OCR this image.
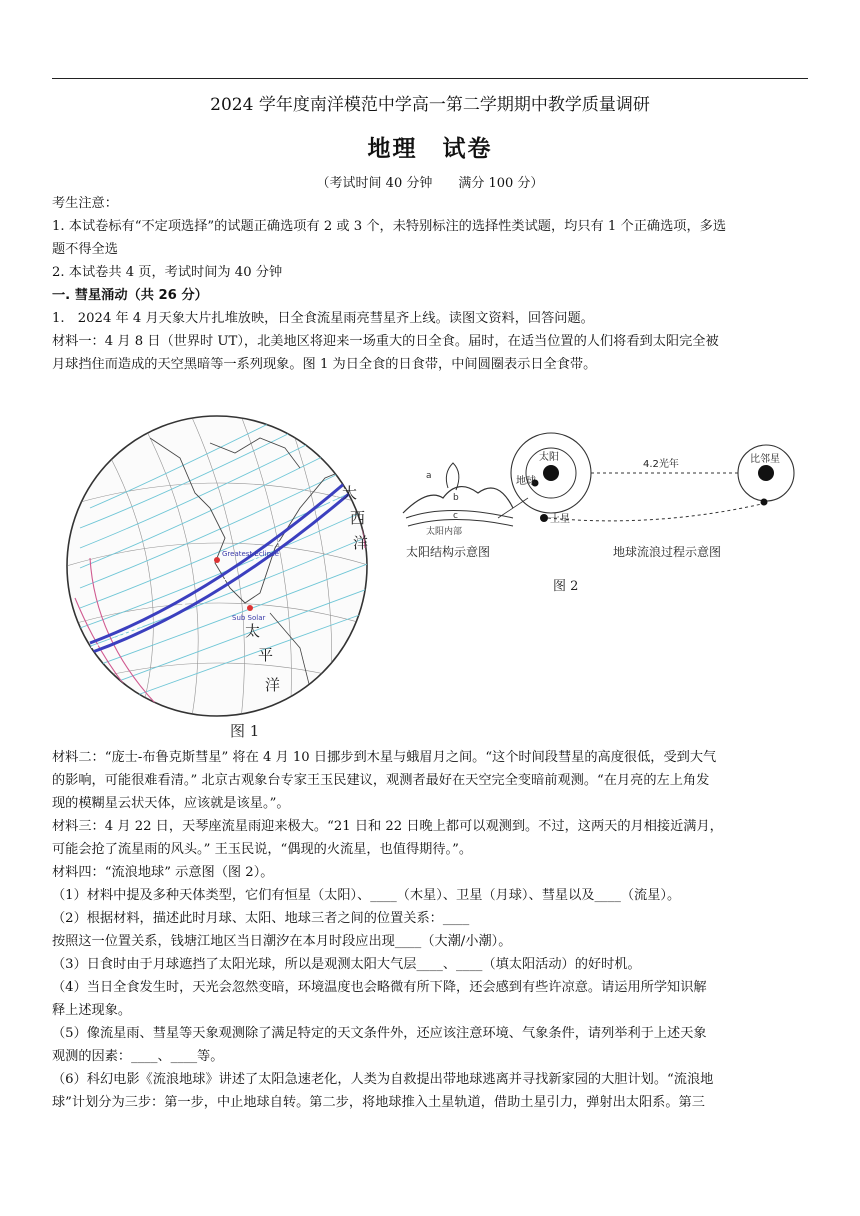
2024 学年度南洋模范中学高一第二学期期中教学质量调研
地理　试卷
（考试时间 40 分钟　　满分 100 分）

考生注意：

1. 本试卷标有“不定项选择”的试题正确选项有 2 或 3 个，未特别标注的选择性类试题，均只有 1 个正确选项，多选

题不得全选

2. 本试卷共 4 页，考试时间为 40 分钟

一. 彗星涌动（共 26 分）

1.　2024 年 4 月天象大片扎堆放映，日全食流星雨亮彗星齐上线。读图文资料，回答问题。

材料一：4 月 8 日（世界时 UT），北美地区将迎来一场重大的日全食。届时，在适当位置的人们将看到太阳完全被

月球挡住而造成的天空黑暗等一系列现象。图 1 为日全食的日食带，中间圆圈表示日全食带。

Greatest Eclipse
Sub Solar
大
西
洋
太
平
洋
图 1
a
b
c
太阳内部
太阳
地球
土星
4.2光年	比邻星
太阳结构示意图	地球流浪过程示意图
图 2

材料二：“庞士-布鲁克斯彗星” 将在 4 月 10 日挪步到木星与蛾眉月之间。“这个时间段彗星的高度很低，受到大气

的影响，可能很难看清。” 北京古观象台专家王玉民建议，观测者最好在天空完全变暗前观测。“在月亮的左上角发

现的模糊星云状天体，应该就是该星。”。

材料三：4 月 22 日，天琴座流星雨迎来极大。“21 日和 22 日晚上都可以观测到。不过，这两天的月相接近满月，

可能会抢了流星雨的风头。” 王玉民说，“偶现的火流星，也值得期待。”。

材料四：“流浪地球” 示意图（图 2）。

（1）材料中提及多种天体类型，它们有恒星（太阳）、____（木星）、卫星（月球）、彗星以及____（流星）。

（2）根据材料，描述此时月球、太阳、地球三者之间的位置关系：____

按照这一位置关系，钱塘江地区当日潮汐在本月时段应出现____（大潮/小潮）。

（3）日食时由于月球遮挡了太阳光球，所以是观测太阳大气层____、____（填太阳活动）的好时机。

（4）当日全食发生时，天光会忽然变暗，环境温度也会略微有所下降，还会感到有些许凉意。请运用所学知识解

释上述现象。

（5）像流星雨、彗星等天象观测除了满足特定的天文条件外，还应该注意环境、气象条件，请列举利于上述天象

观测的因素：____、____等。

（6）科幻电影《流浪地球》讲述了太阳急速老化，人类为自救提出带地球逃离并寻找新家园的大胆计划。“流浪地

球”计划分为三步：第一步，中止地球自转。第二步，将地球推入土星轨道，借助土星引力，弹射出太阳系。第三
